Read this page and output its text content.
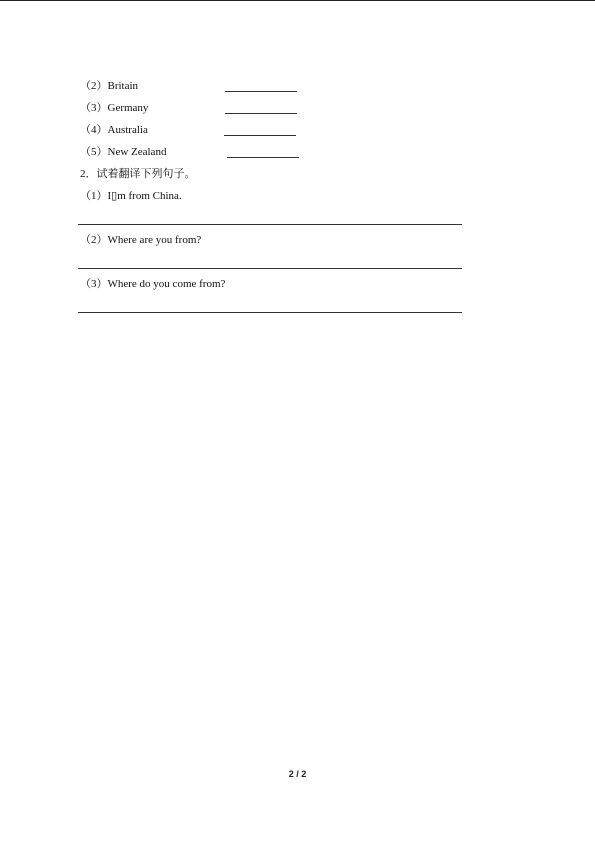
（2）Britain
（3）Germany
（4）Australia
（5）New Zealand
2．试着翻译下列句子。
（1）I▯m from China.
（2）Where are you from?
（3）Where do you come from?
2 / 2
